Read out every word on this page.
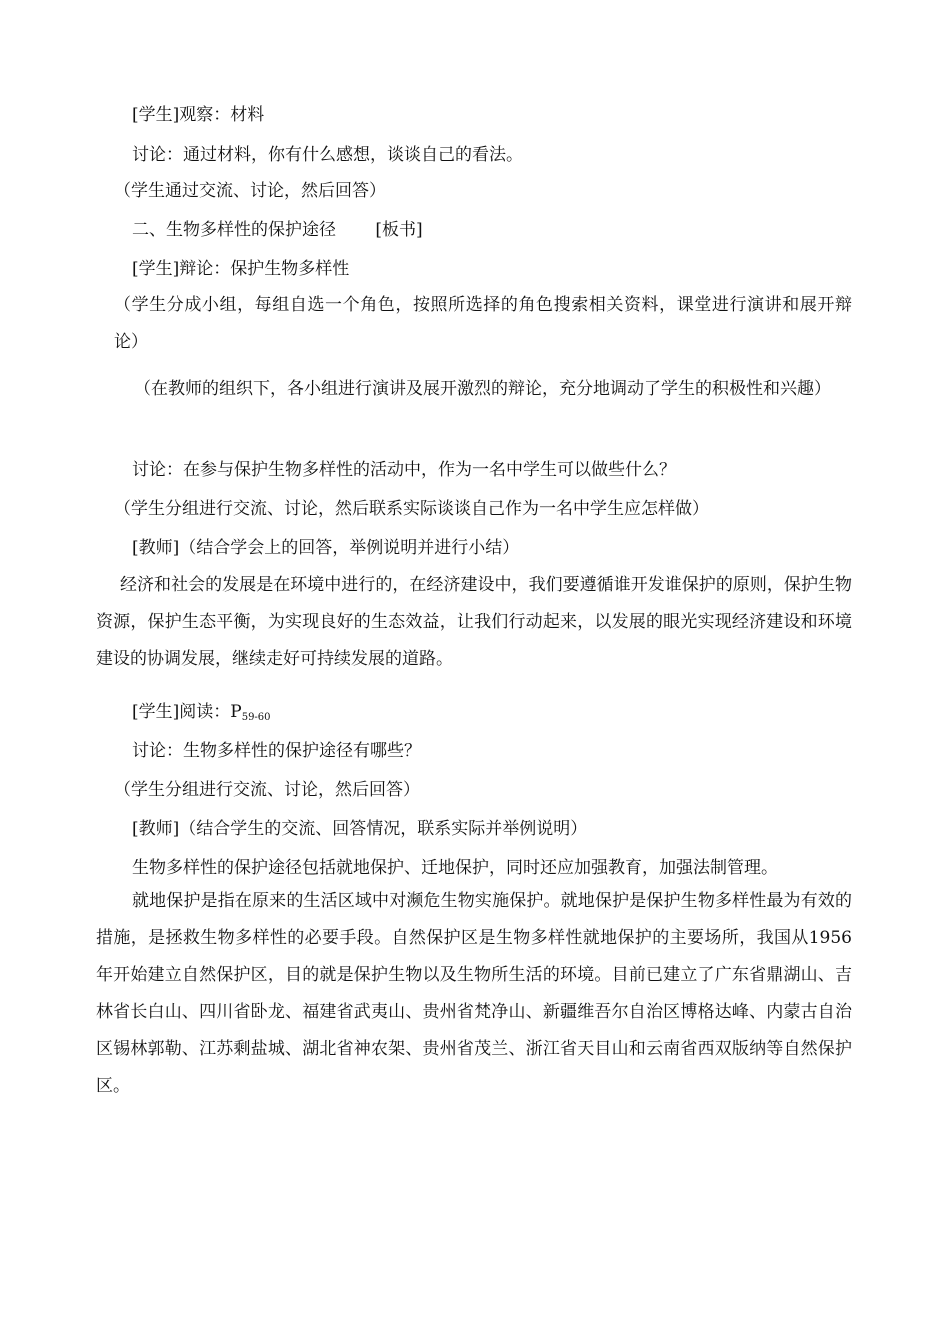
[学生]观察：材料
讨论：通过材料，你有什么感想，谈谈自己的看法。
（学生通过交流、讨论，然后回答）
二、生物多样性的保护途径 [板书]
[学生]辩论：保护生物多样性
（学生分成小组，每组自选一个角色，按照所选择的角色搜索相关资料，课堂进行演讲和展开辩论）
（在教师的组织下，各小组进行演讲及展开激烈的辩论，充分地调动了学生的积极性和兴趣）
讨论：在参与保护生物多样性的活动中，作为一名中学生可以做些什么？
（学生分组进行交流、讨论，然后联系实际谈谈自己作为一名中学生应怎样做）
[教师]（结合学会上的回答，举例说明并进行小结）
经济和社会的发展是在环境中进行的，在经济建设中，我们要遵循谁开发谁保护的原则，保护生物资源，保护生态平衡，为实现良好的生态效益，让我们行动起来，以发展的眼光实现经济建设和环境建设的协调发展，继续走好可持续发展的道路。
[学生]阅读：$P_{59-60}$
讨论：生物多样性的保护途径有哪些？
（学生分组进行交流、讨论，然后回答）
[教师]（结合学生的交流、回答情况，联系实际并举例说明）
生物多样性的保护途径包括就地保护、迁地保护，同时还应加强教育，加强法制管理。
就地保护是指在原来的生活区域中对濒危生物实施保护。就地保护是保护生物多样性最为有效的措施，是拯救生物多样性的必要手段。自然保护区是生物多样性就地保护的主要场所，我国从1956年开始建立自然保护区，目的就是保护生物以及生物所生活的环境。目前已建立了广东省鼎湖山、吉林省长白山、四川省卧龙、福建省武夷山、贵州省梵净山、新疆维吾尔自治区博格达峰、内蒙古自治区锡林郭勒、江苏剩盐城、湖北省神农架、贵州省茂兰、浙江省天目山和云南省西双版纳等自然保护区。
